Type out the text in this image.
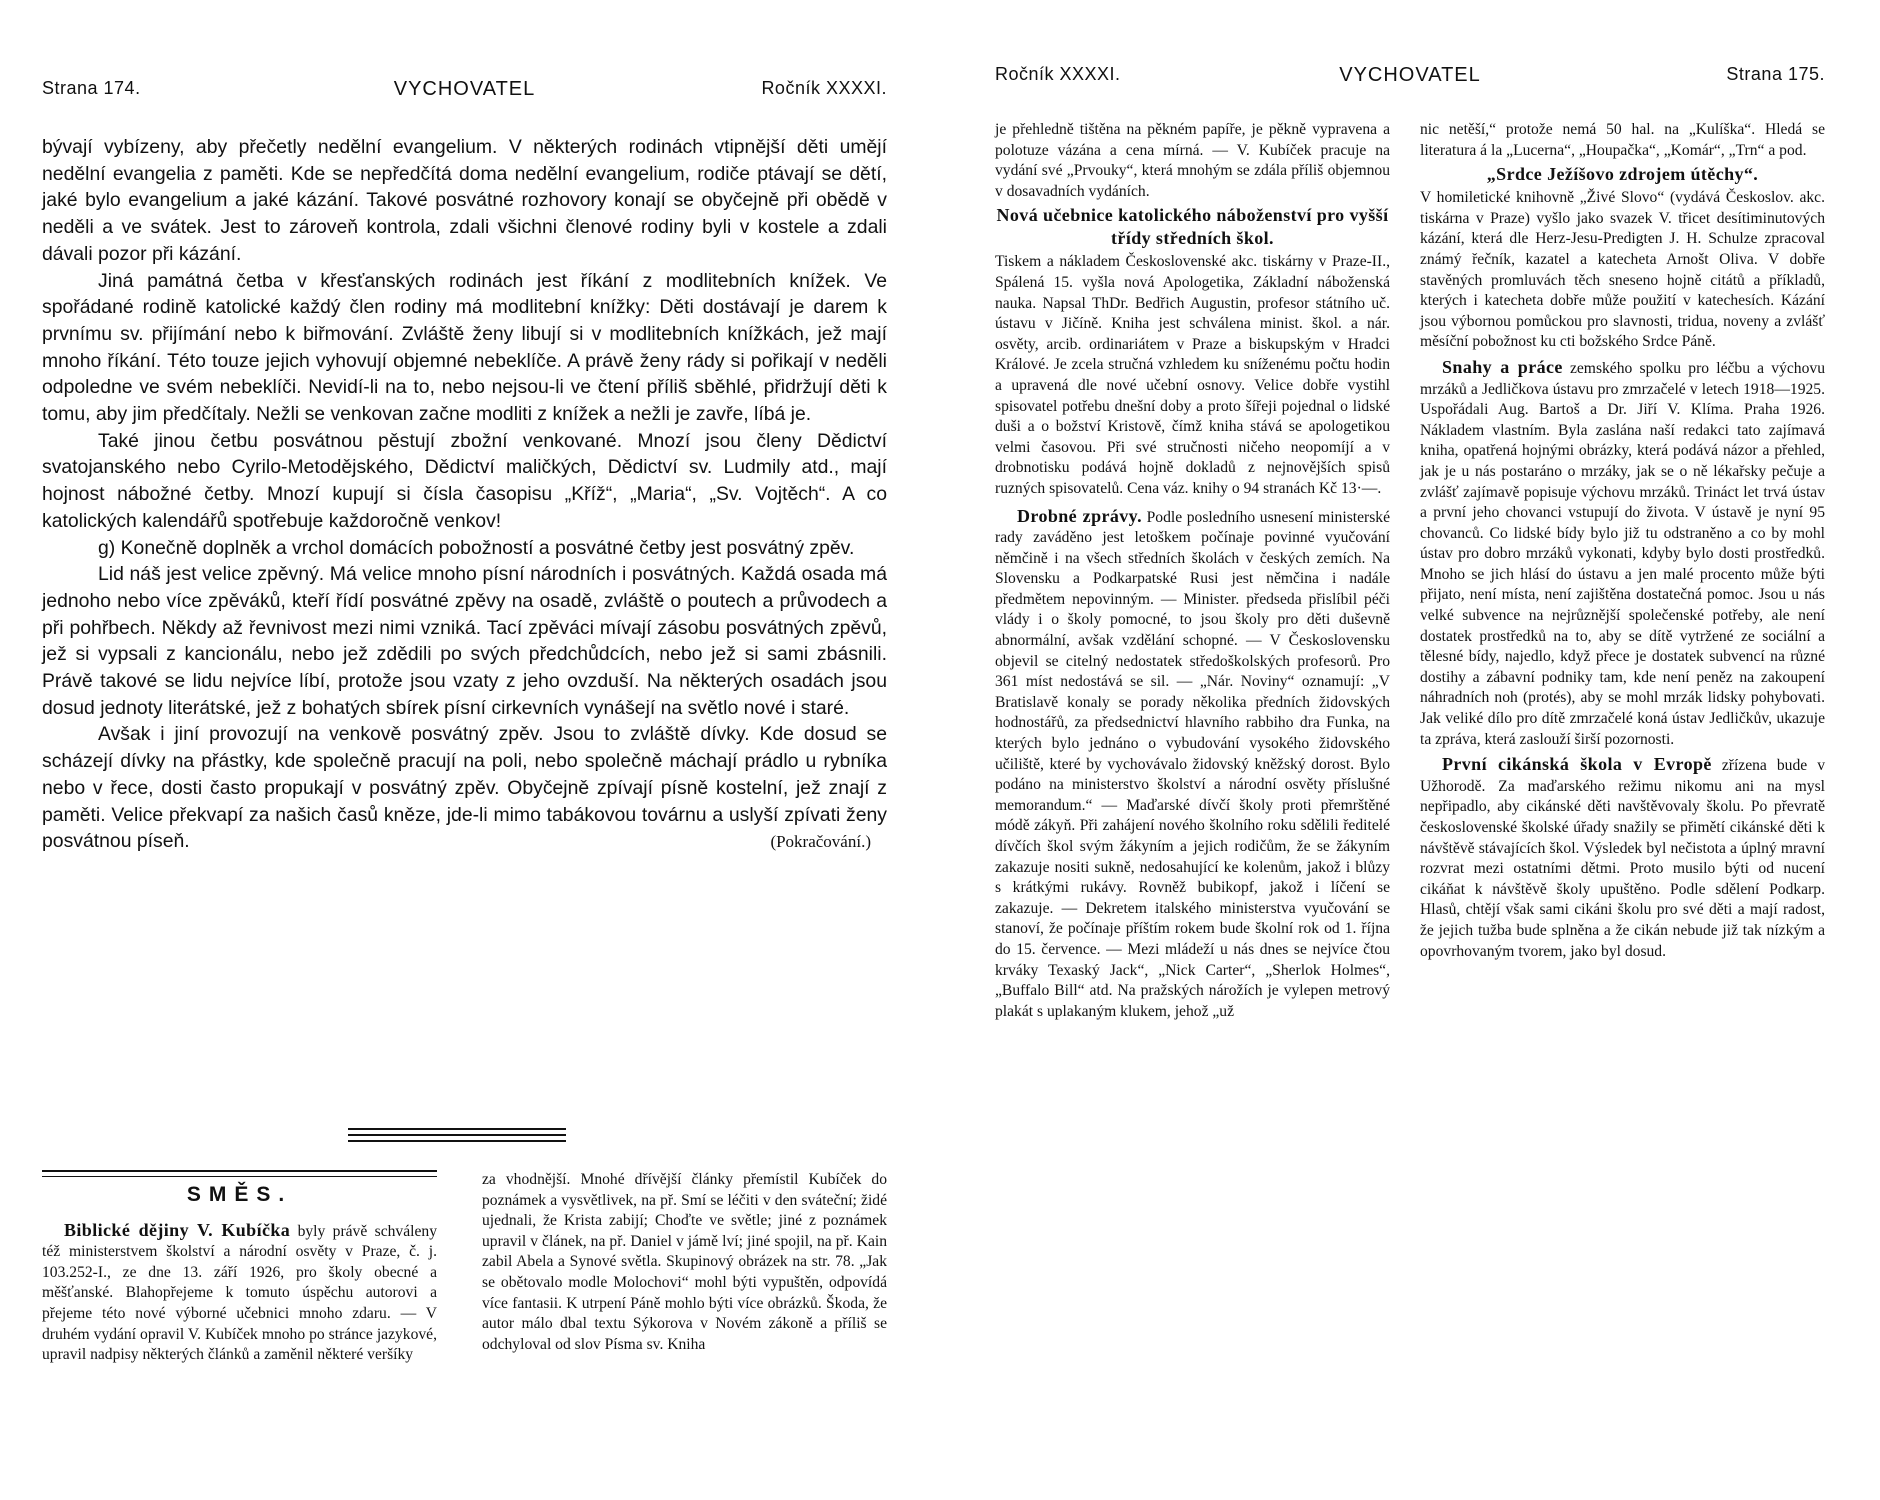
Strana 174.	VYCHOVATEL	Ročník XXXXI.

bývají vybízeny, aby přečetly nedělní evangelium. V některých rodinách vtipnější děti umějí nedělní evangelia z paměti. Kde se nepředčítá doma nedělní evangelium, rodiče ptávají se dětí, jaké bylo evangelium a jaké kázání. Takové posvátné rozhovory konají se obyčejně při obědě v neděli a ve svátek. Jest to zároveň kontrola, zdali všichni členové rodiny byli v kostele a zdali dávali pozor při kázání.

Jiná památná četba v křesťanských rodinách jest říkání z modlitebních knížek. Ve spořádané rodině katolické každý člen rodiny má modlitební knížky: Děti dostávají je darem k prvnímu sv. přijímání nebo k biřmování. Zvláště ženy libují si v modlitebních knížkách, jež mají mnoho říkání. Této touze jejich vyhovují objemné nebeklíče. A právě ženy rády si pořikají v neděli odpoledne ve svém nebeklíči. Nevidí-li na to, nebo nejsou-li ve čtení příliš sběhlé, přidržují děti k tomu, aby jim předčítaly. Nežli se venkovan začne modliti z knížek a nežli je zavře, líbá je.

Také jinou četbu posvátnou pěstují zbožní venkované. Mnozí jsou členy Dědictví svatojanského nebo Cyrilo-Metodějského, Dědictví maličkých, Dědictví sv. Ludmily atd., mají hojnost nábožné četby. Mnozí kupují si čísla časopisu „Kříž“, „Maria“, „Sv. Vojtěch“. A co katolických kalendářů spotřebuje každoročně venkov!

g) Konečně doplněk a vrchol domácích pobožností a posvátné četby jest posvátný zpěv.

Lid náš jest velice zpěvný. Má velice mnoho písní národních i posvátných. Každá osada má jednoho nebo více zpěváků, kteří řídí posvátné zpěvy na osadě, zvláště o poutech a průvodech a při pohřbech. Někdy až řevnivost mezi nimi vzniká. Tací zpěváci mívají zásobu posvátných zpěvů, jež si vypsali z kancionálu, nebo jež zdědili po svých předchůdcích, nebo jež si sami zbásnili. Právě takové se lidu nejvíce líbí, protože jsou vzaty z jeho ovzduší. Na některých osadách jsou dosud jednoty literátské, jež z bohatých sbírek písní cirkevních vynášejí na světlo nové i staré.

Avšak i jiní provozují na venkově posvátný zpěv. Jsou to zvláště dívky. Kde dosud se scházejí dívky na přástky, kde společně pracují na poli, nebo společně máchají prádlo u rybníka nebo v řece, dosti často propukají v posvátný zpěv. Obyčejně zpívají písně kostelní, jež znají z paměti. Velice překvapí za našich časů kněze, jde-li mimo tabákovou továrnu a uslyší zpívati ženy posvátnou píseň.	(Pokračování.)
SMĚS.

Biblické dějiny V. Kubíčka byly právě schváleny též ministerstvem školství a národní osvěty v Praze, č. j. 103.252-I., ze dne 13. září 1926, pro školy obecné a měšťanské. Blahopřejeme k tomuto úspěchu autorovi a přejeme této nové výborné učebnici mnoho zdaru. — V druhém vydání opravil V. Kubíček mnoho po stránce jazykové, upravil nadpisy některých článků a zaměnil některé veršíky

za vhodnější. Mnohé dřívější články přemístil Kubíček do poznámek a vysvětlivek, na př. Smí se léčiti v den sváteční; židé ujednali, že Krista zabijí; Choďte ve světle; jiné z poznámek upravil v článek, na př. Daniel v jámě lví; jiné spojil, na př. Kain zabil Abela a Synové světla. Skupinový obrázek na str. 78. „Jak se obětovalo modle Molochovi“ mohl býti vypuštěn, odpovídá více fantasii. K utrpení Páně mohlo býti více obrázků. Škoda, že autor málo dbal textu Sýkorova v Novém zákoně a příliš se odchyloval od slov Písma sv. Kniha

Ročník XXXXI.	VYCHOVATEL	Strana 175.

je přehledně tištěna na pěkném papíře, je pěkně vypravena a polotuze vázána a cena mírná. — V. Kubíček pracuje na vydání své „Prvouky“, která mnohým se zdála příliš objemnou v dosavadních vydáních.

Nová učebnice katolického náboženství pro vyšší třídy středních škol.

Tiskem a nákladem Československé akc. tiskárny v Praze-II., Spálená 15. vyšla nová Apologetika, Základní náboženská nauka. Napsal ThDr. Bedřich Augustin, profesor státního uč. ústavu v Jičíně. Kniha jest schválena minist. škol. a nár. osvěty, arcib. ordinariátem v Praze a biskupským v Hradci Králové. Je zcela stručná vzhledem ku sníženému počtu hodin a upravená dle nové učební osnovy. Velice dobře vystihl spisovatel potřebu dnešní doby a proto šířeji pojednal o lidské duši a o božství Kristově, čímž kniha stává se apologetikou velmi časovou. Při své stručnosti ničeho neopomíjí a v drobnotisku podává hojně dokladů z nejnovějších spisů ruzných spisovatelů. Cena váz. knihy o 94 stranách Kč 13·—.

Drobné zprávy. Podle posledního usnesení ministerské rady zaváděno jest letoškem počínaje povinné vyučování němčině i na všech středních školách v českých zemích. Na Slovensku a Podkarpatské Rusi jest němčina i nadále předmětem nepovinným. — Minister. předseda přislíbil péči vlády i o školy pomocné, to jsou školy pro děti duševně abnormální, avšak vzdělání schopné. — V Československu objevil se citelný nedostatek středoškolských profesorů. Pro 361 míst nedostává se sil. — „Nár. Noviny“ oznamují: „V Bratislavě konaly se porady několika předních židovských hodnostářů, za předsednictví hlavního rabbiho dra Funka, na kterých bylo jednáno o vybudování vysokého židovského učiliště, které by vychovávalo židovský kněžský dorost. Bylo podáno na ministerstvo školství a národní osvěty příslušné memorandum.“ — Maďarské dívčí školy proti přemrštěné módě zákyň. Při zahájení nového školního roku sdělili ředitelé dívčích škol svým žákyním a jejich rodičům, že se žákyním zakazuje nositi sukně, nedosahující ke kolenům, jakož i blůzy s krátkými rukávy. Rovněž bubikopf, jakož i líčení se zakazuje. — Dekretem italského ministerstva vyučování se stanoví, že počínaje příštím rokem bude školní rok od 1. října do 15. července. — Mezi mládeží u nás dnes se nejvíce čtou krváky Texaský Jack“, „Nick Carter“, „Sherlok Holmes“, „Buffalo Bill“ atd. Na pražských nárožích je vylepen metrový plakát s uplakaným klukem, jehož „už

nic netěší,“ protože nemá 50 hal. na „Kulíška“. Hledá se literatura á la „Lucerna“, „Houpačka“, „Komár“, „Trn“ a pod.

„Srdce Ježíšovo zdrojem útěchy“.

V homiletické knihovně „Živé Slovo“ (vydává Českoslov. akc. tiskárna v Praze) vyšlo jako svazek V. třicet desítiminutových kázání, která dle Herz-Jesu-Predigten J. H. Schulze zpracoval známý řečník, kazatel a katecheta Arnošt Oliva. V dobře stavěných promluvách těch sneseno hojně citátů a příkladů, kterých i katecheta dobře může použití v katechesích. Kázání jsou výbornou pomůckou pro slavnosti, tridua, noveny a zvlášť měsíční pobožnost ku cti božského Srdce Páně.

Snahy a práce zemského spolku pro léčbu a výchovu mrzáků a Jedličkova ústavu pro zmrzačelé v letech 1918—1925. Uspořádali Aug. Bartoš a Dr. Jiří V. Klíma. Praha 1926. Nákladem vlastním. Byla zaslána naší redakci tato zajímavá kniha, opatřená hojnými obrázky, která podává názor a přehled, jak je u nás postaráno o mrzáky, jak se o ně lékařsky pečuje a zvlášť zajímavě popisuje výchovu mrzáků. Trináct let trvá ústav a první jeho chovanci vstupují do života. V ústavě je nyní 95 chovanců. Co lidské bídy bylo již tu odstraněno a co by mohl ústav pro dobro mrzáků vykonati, kdyby bylo dosti prostředků. Mnoho se jich hlásí do ústavu a jen malé procento může býti přijato, není místa, není zajištěna dostatečná pomoc. Jsou u nás velké subvence na nejrůznější společenské potřeby, ale není dostatek prostředků na to, aby se dítě vytržené ze sociální a tělesné bídy, najedlo, když přece je dostatek subvencí na různé dostihy a zábavní podniky tam, kde není peněz na zakoupení náhradních noh (protés), aby se mohl mrzák lidsky pohybovati. Jak veliké dílo pro dítě zmrzačelé koná ústav Jedličkův, ukazuje ta zpráva, která zaslouží širší pozornosti.

První cikánská škola v Evropě zřízena bude v Užhorodě. Za maďarského režimu nikomu ani na mysl nepřipadlo, aby cikánské děti navštěvovaly školu. Po převratě československé školské úřady snažily se přimětí cikánské děti k návštěvě stávajících škol. Výsledek byl nečistota a úplný mravní rozvrat mezi ostatními dětmi. Proto musilo býti od nucení cikáňat k návštěvě školy upuštěno. Podle sdělení Podkarp. Hlasů, chtějí však sami cikáni školu pro své děti a mají radost, že jejich tužba bude splněna a že cikán nebude již tak nízkým a opovrhovaným tvorem, jako byl dosud.
